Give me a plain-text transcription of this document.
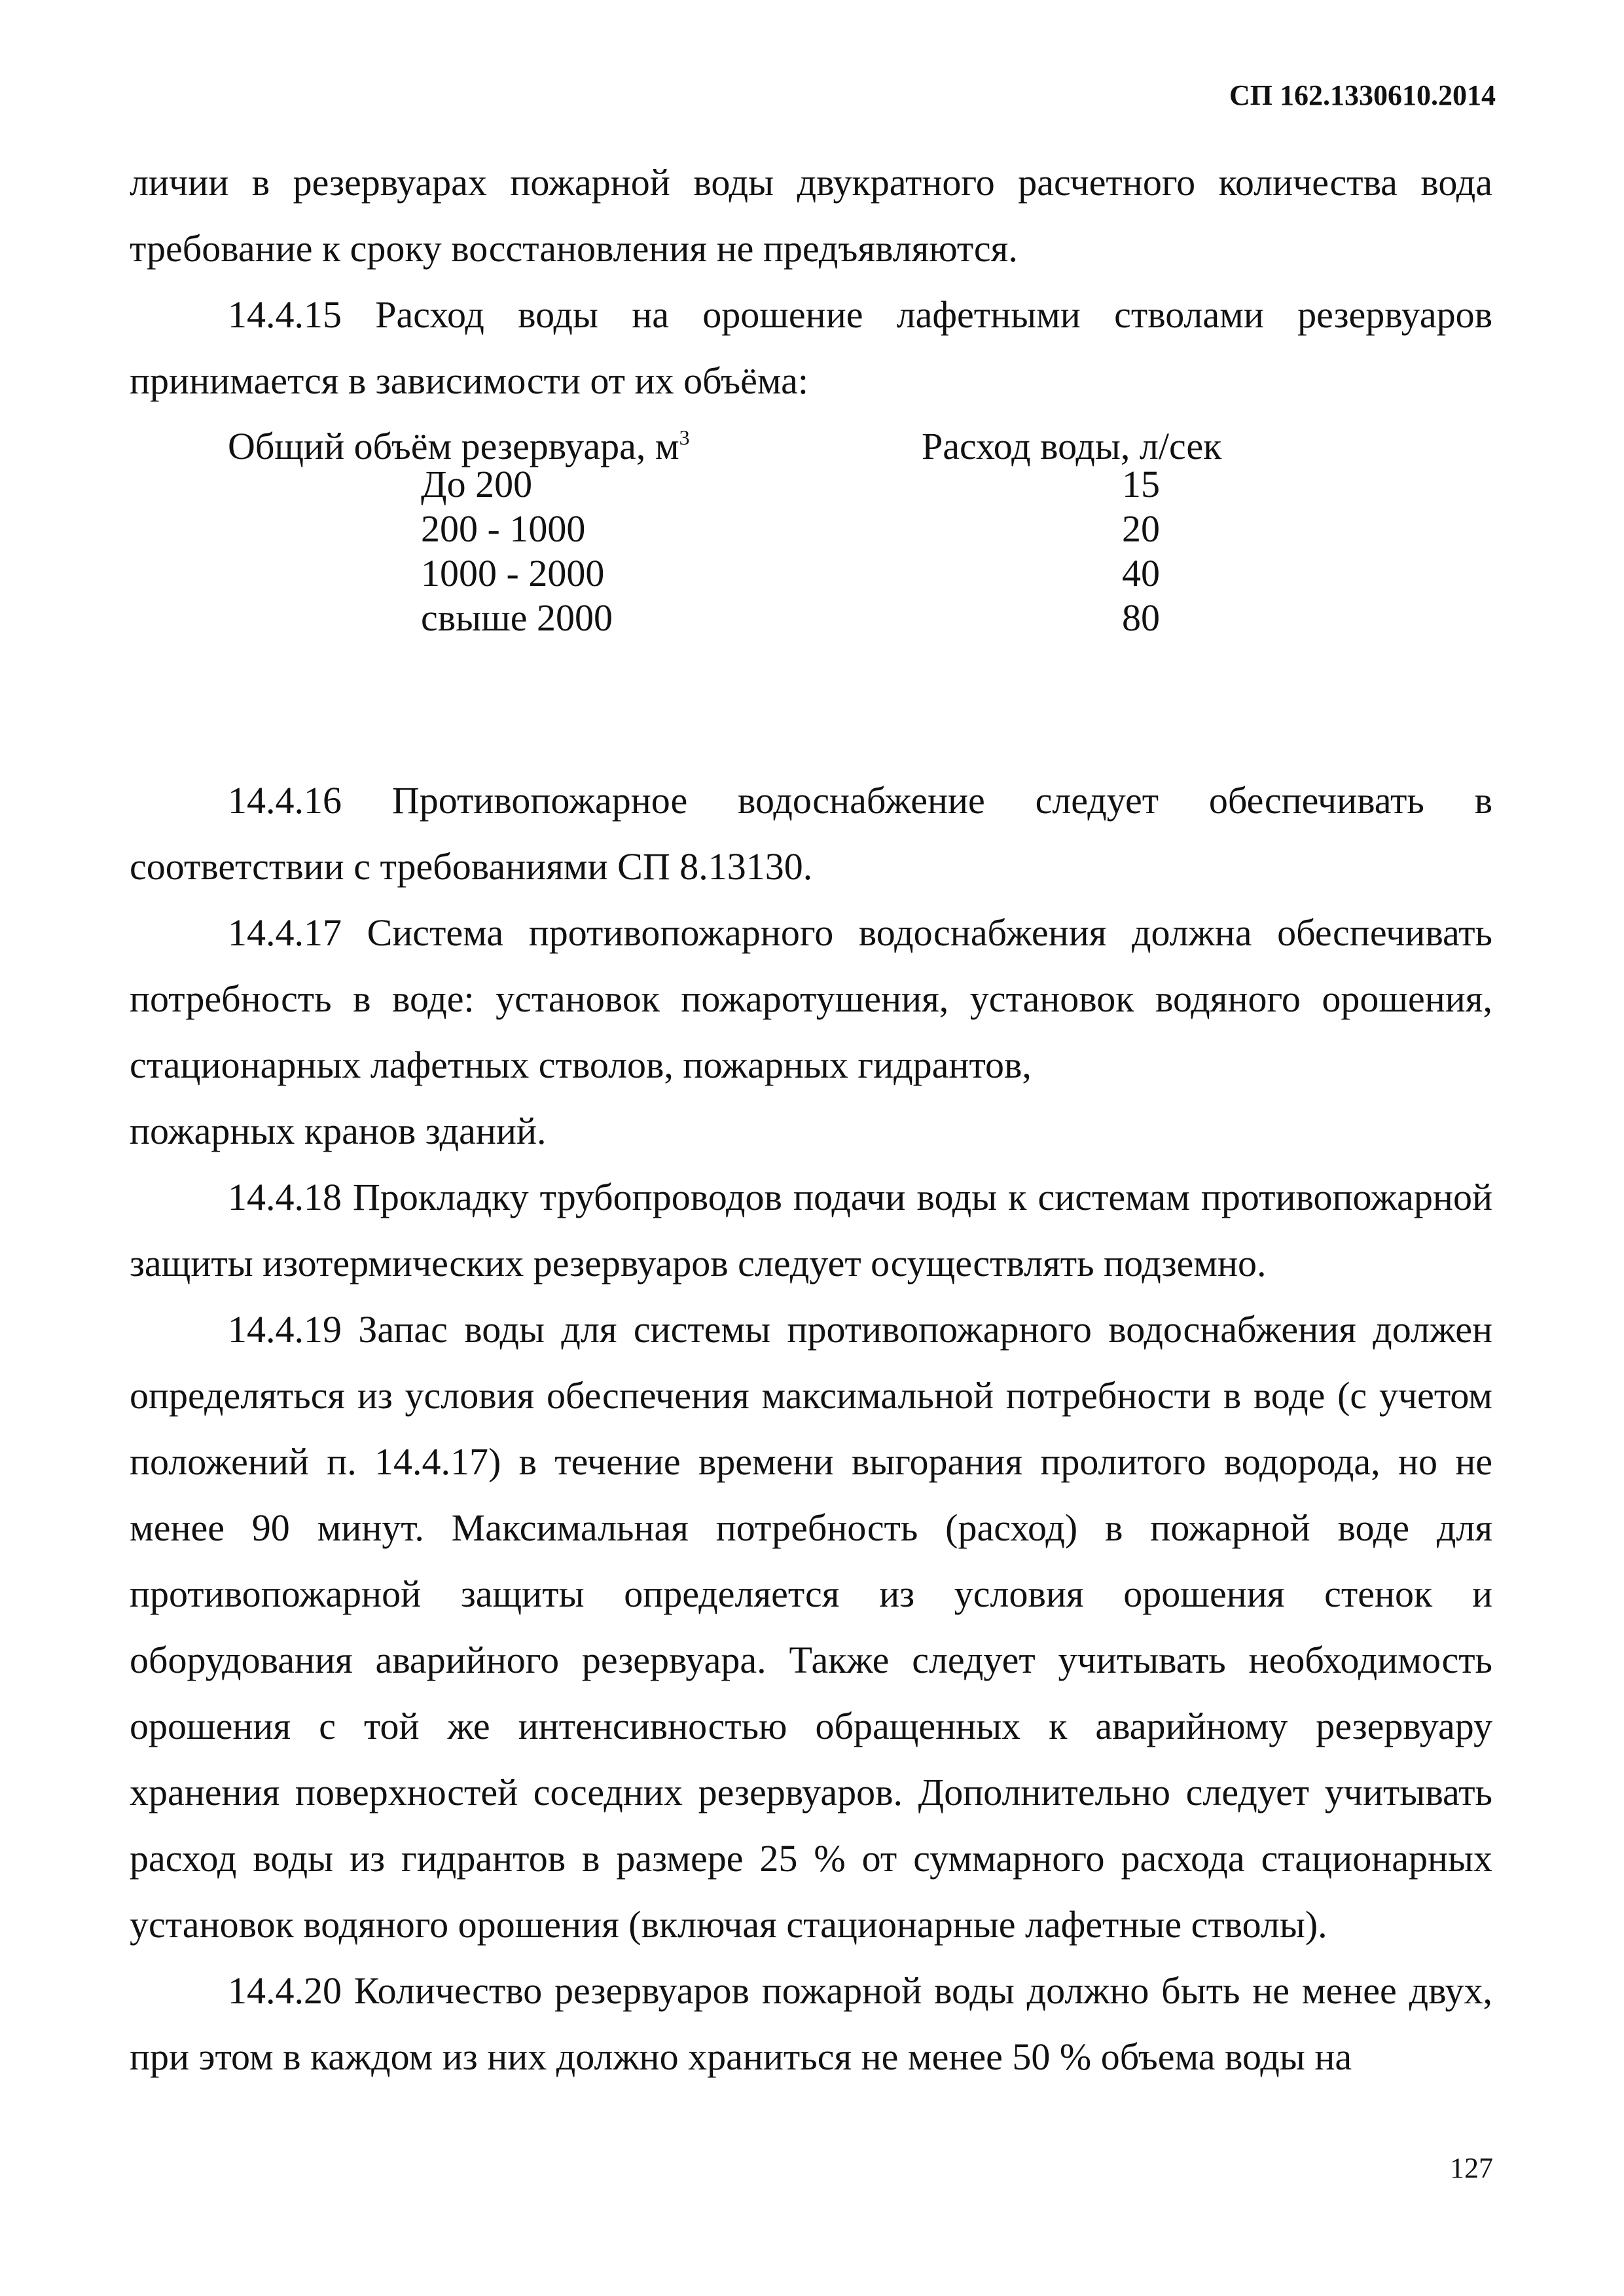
СП 162.1330610.2014

личии в резервуарах пожарной воды двукратного расчетного количества вода требование к сроку восстановления не предъявляются.

14.4.15 Расход воды на орошение лафетными стволами резервуаров принимается в зависимости от их объёма:

Общий объём резервуара, $м^3$	Расход воды, л/сек
До 200	15
200 - 1000	20
1000 - 2000	40
свыше 2000	80

14.4.16 Противопожарное водоснабжение следует обеспечивать в соответствии с требованиями СП 8.13130.

14.4.17 Система противопожарного водоснабжения должна обеспечивать потребность в воде: установок пожаротушения, установок водяного орошения, стационарных лафетных стволов, пожарных гидрантов,

пожарных кранов зданий.

14.4.18 Прокладку трубопроводов подачи воды к системам противопожарной защиты изотермических резервуаров следует осуществлять подземно.

14.4.19 Запас воды для системы противопожарного водоснабжения должен определяться из условия обеспечения максимальной потребности в воде (с учетом положений п. 14.4.17) в течение времени выгорания пролитого водорода, но не менее 90 минут. Максимальная потребность (расход) в пожарной воде для противопожарной защиты определяется из условия орошения стенок и оборудования аварийного резервуара. Также следует учитывать необходимость орошения с той же интенсивностью обращенных к аварийному резервуару хранения поверхностей соседних резервуаров. Дополнительно следует учитывать расход воды из гидрантов в размере 25 % от суммарного расхода стационарных установок водяного орошения (включая стационарные лафетные стволы).

14.4.20 Количество резервуаров пожарной воды должно быть не менее двух, при этом в каждом из них должно храниться не менее 50 % объема воды на

127
